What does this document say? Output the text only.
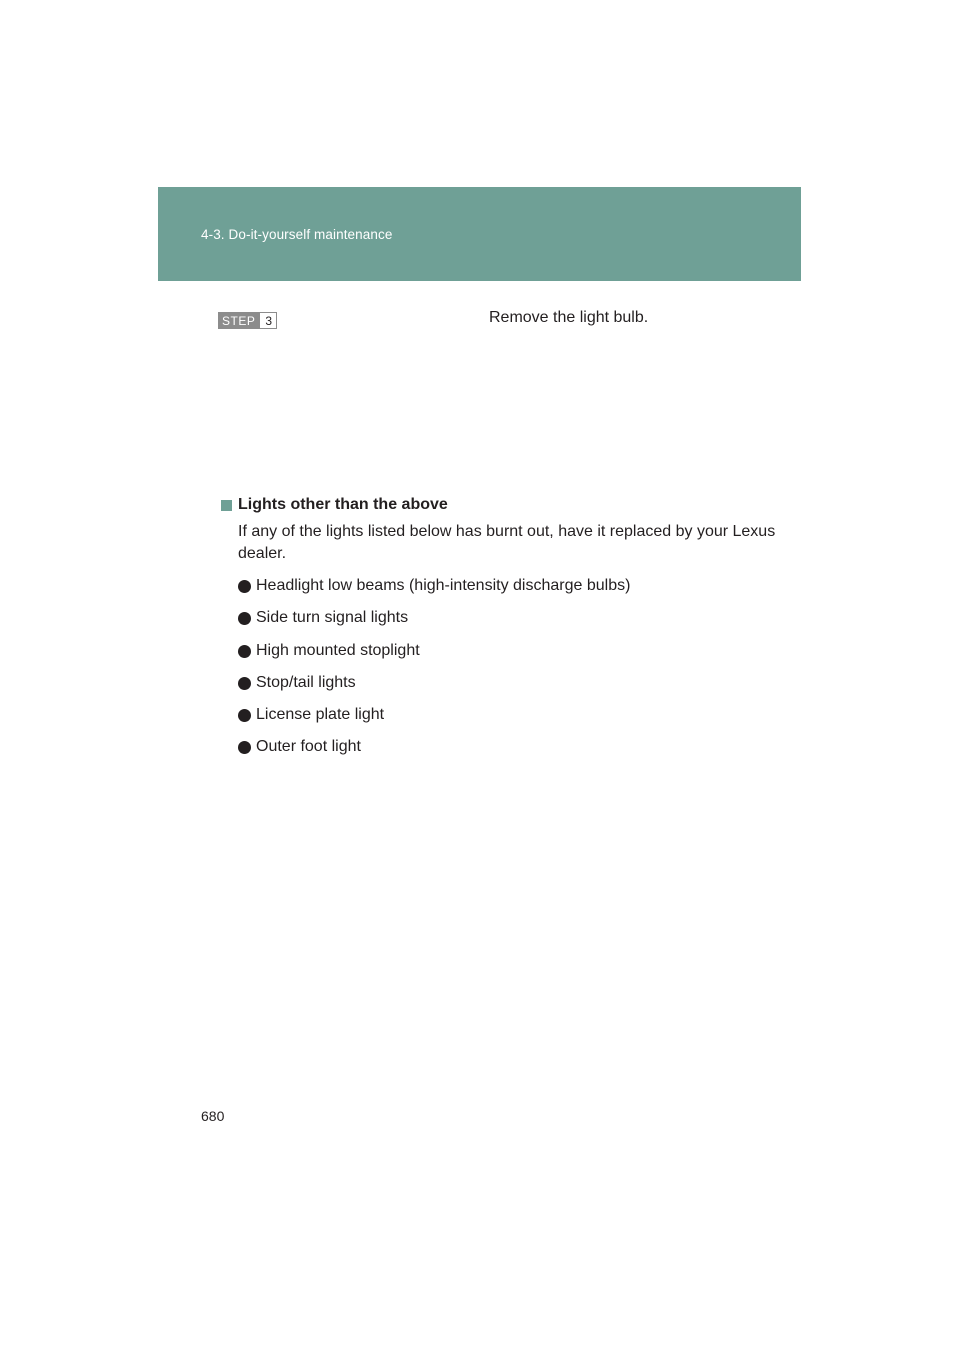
4-3. Do-it-yourself maintenance
STEP 3	Remove the light bulb.
Lights other than the above
If any of the lights listed below has burnt out, have it replaced by your Lexus dealer.
Headlight low beams (high-intensity discharge bulbs)
Side turn signal lights
High mounted stoplight
Stop/tail lights
License plate light
Outer foot light
680
